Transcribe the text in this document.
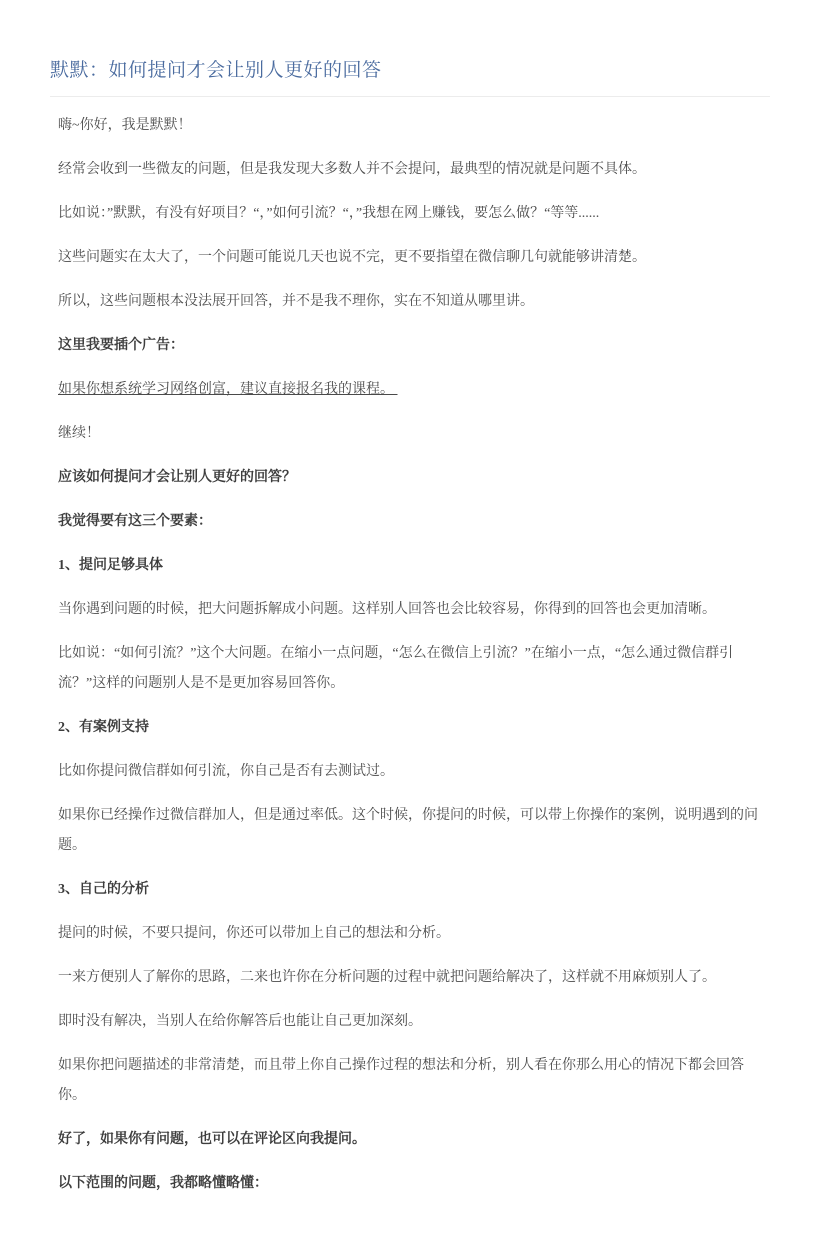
默默：如何提问才会让别人更好的回答

嗨~你好，我是默默！

经常会收到一些微友的问题，但是我发现大多数人并不会提问，最典型的情况就是问题不具体。

比如说：”默默，有没有好项目？“，”如何引流？“，”我想在网上赚钱，要怎么做？“等等......

这些问题实在太大了，一个问题可能说几天也说不完，更不要指望在微信聊几句就能够讲清楚。

所以，这些问题根本没法展开回答，并不是我不理你，实在不知道从哪里讲。

这里我要插个广告：

如果你想系统学习网络创富，建议直接报名我的课程。

继续！

应该如何提问才会让别人更好的回答？

我觉得要有这三个要素：

1、提问足够具体

当你遇到问题的时候，把大问题拆解成小问题。这样别人回答也会比较容易，你得到的回答也会更加清晰。

比如说：“如何引流？”这个大问题。在缩小一点问题，“怎么在微信上引流？”在缩小一点，“怎么通过微信群引流？”这样的问题别人是不是更加容易回答你。

2、有案例支持

比如你提问微信群如何引流，你自己是否有去测试过。

如果你已经操作过微信群加人，但是通过率低。这个时候，你提问的时候，可以带上你操作的案例，说明遇到的问题。

3、自己的分析

提问的时候，不要只提问，你还可以带加上自己的想法和分析。

一来方便别人了解你的思路，二来也许你在分析问题的过程中就把问题给解决了，这样就不用麻烦别人了。

即时没有解决，当别人在给你解答后也能让自己更加深刻。

如果你把问题描述的非常清楚，而且带上你自己操作过程的想法和分析，别人看在你那么用心的情况下都会回答你。

好了，如果你有问题，也可以在评论区向我提问。

以下范围的问题，我都略懂略懂：
